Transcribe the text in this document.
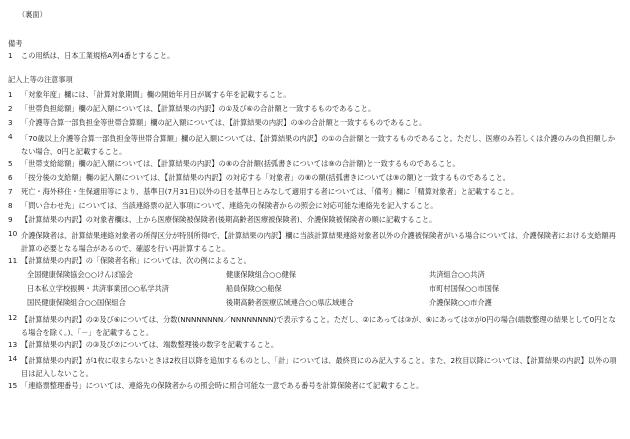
（裏面）
備考
1 この用紙は、日本工業規格A列4番とすること。
記入上等の注意事項
1 「対象年度」欄には、「計算対象期間」欄の開始年月日が属する年を記載すること。
2 「世帯負担総額」欄の記入額については、【計算結果の内訳】の①及び⑥の合計額と一致するものであること。
3 「介護等合算一部負担金等世帯合算額」欄の記入額については、【計算結果の内訳】の⑤の合計額と一致するものであること。
4 「70歳以上介護等合算一部負担金等世帯合算額」欄の記入額については、【計算結果の内訳】の①の合計額と一致するものであること。ただし、医療のみ若しくは介護のみの負担額しかない場合、0円と記載すること。
5 「世帯支給総額」欄の記入額については、【計算結果の内訳】の⑧の合計額(括弧書きについては⑨の合計額)と一致するものであること。
6 「按分後の支給額」欄の記入額については、【計算結果の内訳】の対応する「対象者」の⑧の額(括弧書きについては⑨の額)と一致するものであること。
7 死亡・海外移住・生保適用等により、基準日(7月31日)以外の日を基準日とみなして適用する者については、「備考」欄に「精算対象者」と記載すること。
8 「問い合わせ先」については、当該連絡票の記入事項について、連絡先の保険者からの照会に対応可能な連絡先を記入すること。
9 【計算結果の内訳】の対象者欄は、上から医療保険被保険者(後期高齢者医療被保険者)、介護保険被保険者の順に記載すること。
10 介護保険者は、計算結果連絡対象者の所得区分が特別所得Ⅰで、【計算結果の内訳】欄に当該計算結果連絡対象者以外の介護被保険者がいる場合については、介護保険者における支給額再計算の必要となる場合があるので、確認を行い再計算すること。
11 【計算結果の内訳】の「保険者名称」については、次の例によること。
全国健康保険協会○○けんぽ協会	健康保険組合○○健保	共済組合○○共済
日本私立学校振興・共済事業団○○私学共済	船員保険○○船保	市町村国保○○市国保
国民健康保険組合○○国保組合	後期高齢者医療広域連合○○県広域連合	介護保険○○市介護
12 【計算結果の内訳】の②及び⑥については、分数(NNNNNNNN／NNNNNNNN)で表示すること。ただし、②にあっては③が、⑥にあっては⑦が0円の場合(端数整理の結果として0円となる場合を除く。)、「－」を記載すること。
13 【計算結果の内訳】の③及び⑦については、端数整理後の数字を記載すること。
14 【計算結果の内訳】が1枚に収まらないときは2枚目以降を追加するものとし、「計」については、最終頁にのみ記入すること。また、2枚目以降については、【計算結果の内訳】以外の項目は記入しないこと。
15 「連絡票整理番号」については、連絡先の保険者からの照会時に照合可能な一意である番号を計算保険者にて記載すること。
